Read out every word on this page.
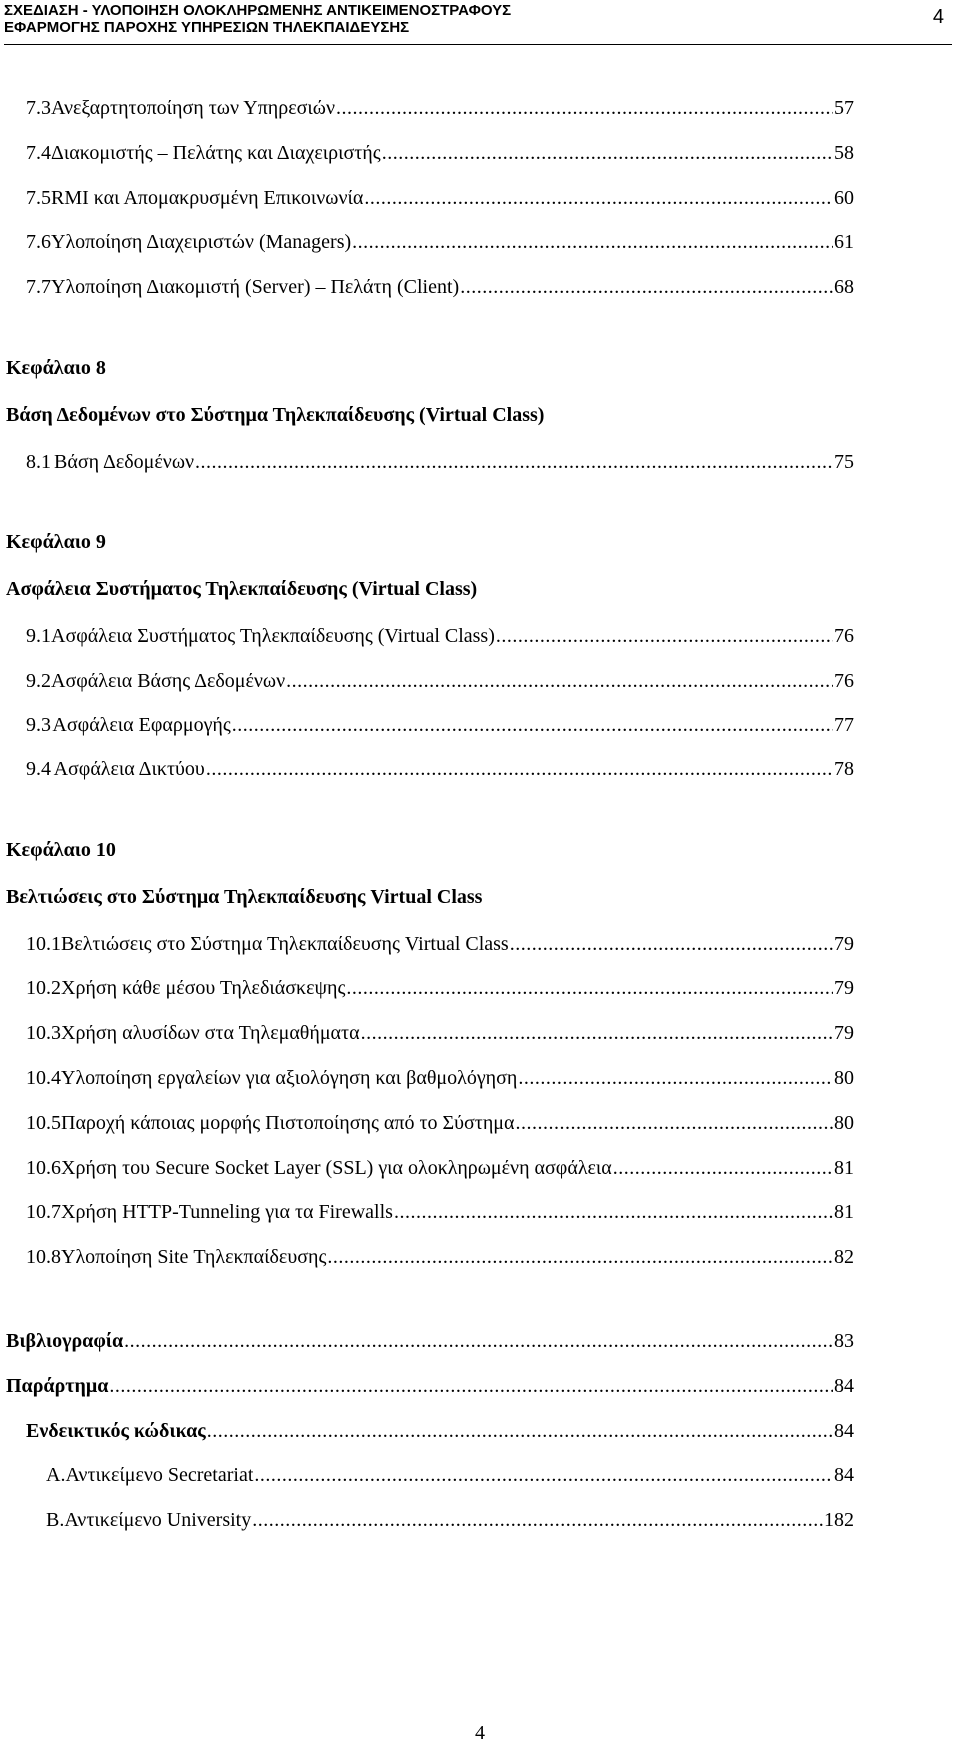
ΣΧΕΔΙΑΣΗ - ΥΛΟΠΟΙΗΣΗ ΟΛΟΚΛΗΡΩΜΕΝΗΣ ΑΝΤΙΚΕΙΜΕΝΟΣΤΡΑΦΟΥΣ
ΕΦΑΡΜΟΓΗΣ ΠΑΡΟΧΗΣ ΥΠΗΡΕΣΙΩΝ ΤΗΛΕΚΠΑΙΔΕΥΣΗΣ	4
7.3 Ανεξαρτητοποίηση των Υπηρεσιών .....	57
7.4 Διακομιστής – Πελάτης και Διαχειριστής .....	58
7.5 RMI και Απομακρυσμένη Επικοινωνία .....	60
7.6 Υλοποίηση Διαχειριστών (Managers) .....	61
7.7 Υλοποίηση Διακομιστή (Server) – Πελάτη (Client) .....	68
Κεφάλαιο 8
Βάση Δεδομένων στο Σύστημα Τηλεκπαίδευσης (Virtual Class)
8.1 Βάση Δεδομένων .....	75
Κεφάλαιο 9
Ασφάλεια Συστήματος Τηλεκπαίδευσης (Virtual Class)
9.1 Ασφάλεια Συστήματος Τηλεκπαίδευσης (Virtual Class) .....	76
9.2 Ασφάλεια Βάσης Δεδομένων .....	76
9.3 Ασφάλεια Εφαρμογής .....	77
9.4 Ασφάλεια Δικτύου .....	78
Κεφάλαιο 10
Βελτιώσεις στο Σύστημα Τηλεκπαίδευσης Virtual Class
10.1 Βελτιώσεις στο Σύστημα Τηλεκπαίδευσης Virtual Class .....	79
10.2 Χρήση κάθε μέσου Τηλεδιάσκεψης .....	79
10.3 Χρήση αλυσίδων στα Τηλεμαθήματα .....	79
10.4 Υλοποίηση εργαλείων για αξιολόγηση και βαθμολόγηση .....	80
10.5 Παροχή κάποιας μορφής Πιστοποίησης από το Σύστημα .....	80
10.6 Χρήση του Secure Socket Layer (SSL) για ολοκληρωμένη ασφάλεια .....	81
10.7 Χρήση HTTP-Tunneling για τα Firewalls .....	81
10.8 Υλοποίηση Site Τηλεκπαίδευσης .....	82
Βιβλιογραφία .....	83
Παράρτημα .....	84
Ενδεικτικός κώδικας .....	84
A. Αντικείμενο Secretariat .....	84
B. Αντικείμενο University .....	182
4
